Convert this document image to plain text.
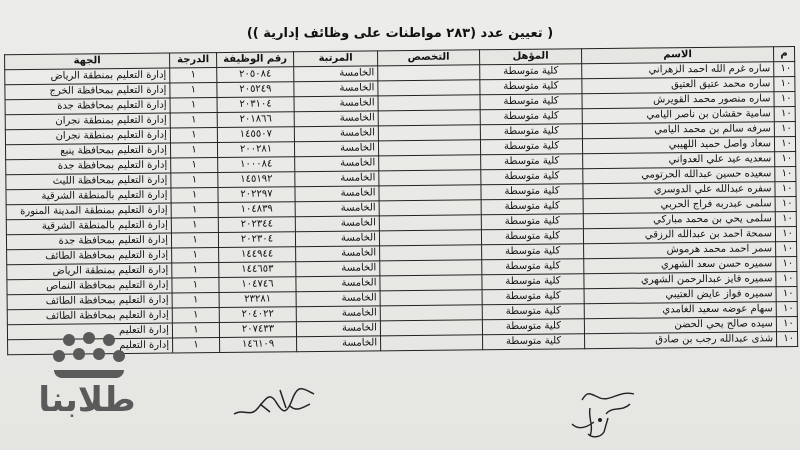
( تعيين عدد (٢٨٣ مواطنات على وظائف إدارية ))
م	الاسم	المؤهل	التخصص	المرتبة	رقم الوظيفة	الدرجة	الجهة
١٠	ساره غرم الله احمد الزهراني	كلية متوسطة		الخامسة	٢٠٥٠٨٤	١	إدارة التعليم بمنطقة الرياض
١٠	ساره محمد عتيق العتيق	كلية متوسطة		الخامسة	٢٠٥٢٤٩	١	إدارة التعليم بمحافظة الخرج
١٠	ساره منصور محمد القويرش	كلية متوسطة		الخامسة	٢٠٣١٠٤	١	إدارة التعليم بمحافظة جدة
١٠	سامية حقشان بن ناصر اليامي	كلية متوسطة		الخامسة	٢٠١٨٦٦	١	إدارة التعليم بمنطقة نجران
١٠	سرفه سالم بن محمد اليامي	كلية متوسطة		الخامسة	١٤٥٥٠٧	١	إدارة التعليم بمنطقة نجران
١٠	سعاد واصل حميد اللهيبي	كلية متوسطة		الخامسة	٢٠٠٢٨١	١	إدارة التعليم بمحافظة ينبع
١٠	سعديه عيد علي العدواني	كلية متوسطة		الخامسة	١٠٠٠٨٤	١	إدارة التعليم بمحافظة جدة
١٠	سعيده حسين عبدالله الحرتومي	كلية متوسطة		الخامسة	١٤٥١٩٢	١	إدارة التعليم بمحافظة الليث
١٠	سفره عبدالله علي الدوسري	كلية متوسطة		الخامسة	٢٠٢٢٩٧	١	إدارة التعليم بالمنطقة الشرقية
١٠	سلمى عبدربه فراج الحربي	كلية متوسطة		الخامسة	١٠٤٨٣٩	١	إدارة التعليم بمنطقة المدينة المنورة
١٠	سلمى يحي بن محمد مباركي	كلية متوسطة		الخامسة	٢٠٢٣٤٤	١	إدارة التعليم بالمنطقة الشرقية
١٠	سمحة احمد بن عبدالله الرزقي	كلية متوسطة		الخامسة	٢٠٢٣٠٤	١	إدارة التعليم بمحافظة جدة
١٠	سمر احمد محمد هرموش	كلية متوسطة		الخامسة	١٤٤٩٤٤	١	إدارة التعليم بمحافظة الطائف
١٠	سميره حسن سعد الشهري	كلية متوسطة		الخامسة	١٤٤٦٥٣	١	إدارة التعليم بمنطقة الرياض
١٠	سميره فايز عبدالرحمن الشهري	كلية متوسطة		الخامسة	١٠٤٧٤٦	١	إدارة التعليم بمحافظة النماص
١٠	سميره فواز عايض العتيبي	كلية متوسطة		الخامسة	٢٣٢٨١	١	إدارة التعليم بمحافظة الطائف
١٠	سهام عوضه سعيد الغامدي	كلية متوسطة		الخامسة	٢٠٤٠٢٢	١	إدارة التعليم بمحافظة الطائف
١٠	سيده صالح يحي الحضن	كلية متوسطة		الخامسة	٢٠٧٤٣٣	١	إدارة التعليم
١٠	شذى عبدالله رجب بن صادق	كلية متوسطة		الخامسة	١٤٦١٠٩	١	إدارة التعليم
طلابنا
